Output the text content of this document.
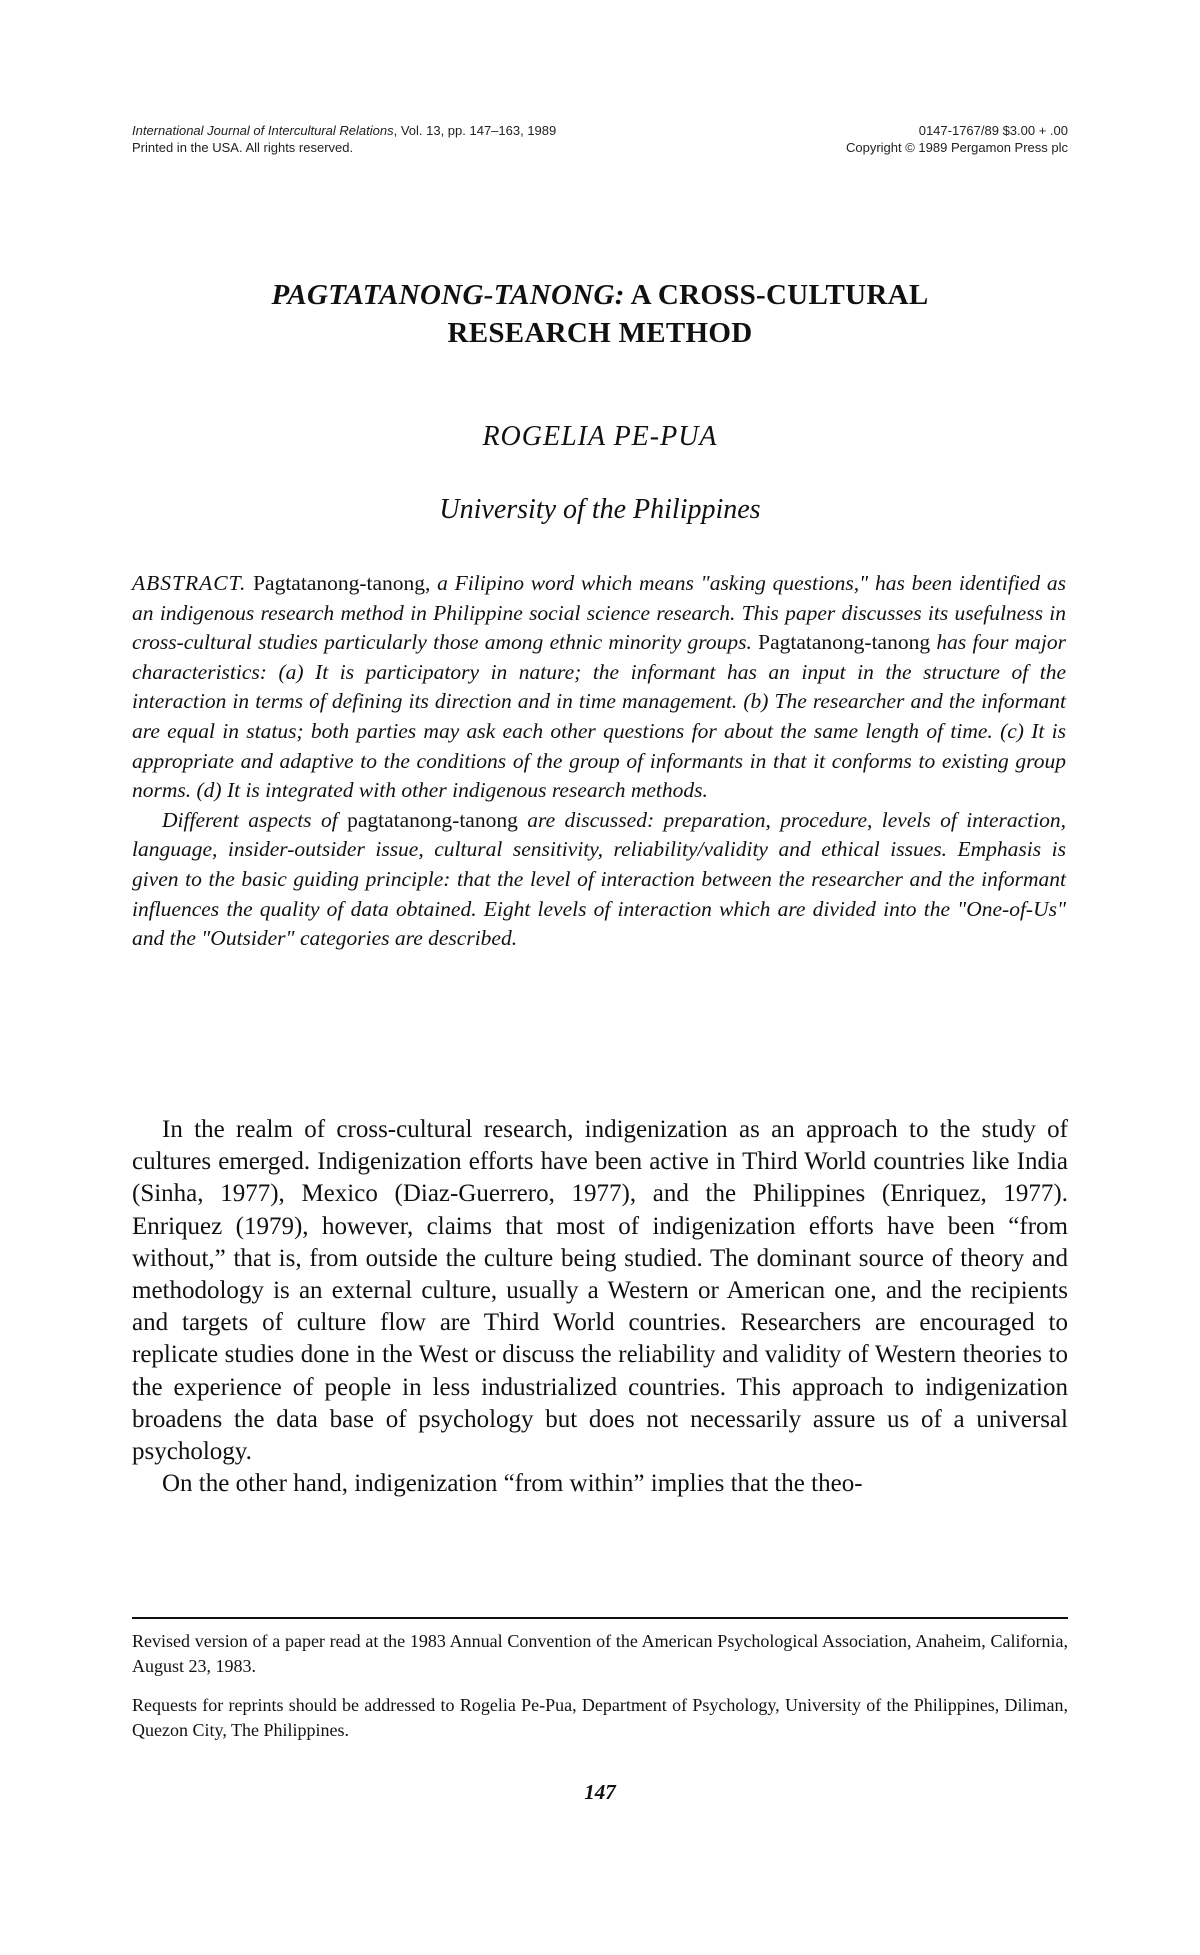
International Journal of Intercultural Relations, Vol. 13, pp. 147–163, 1989
Printed in the USA. All rights reserved.
0147-1767/89 $3.00 + .00
Copyright © 1989 Pergamon Press plc
PAGTATANONG-TANONG: A CROSS-CULTURAL
RESEARCH METHOD
ROGELIA PE-PUA
University of the Philippines

ABSTRACT. Pagtatanong-tanong, a Filipino word which means "asking questions," has been identified as an indigenous research method in Philippine social science research. This paper discusses its usefulness in cross-cultural studies particularly those among ethnic minority groups. Pagtatanong-tanong has four major characteristics: (a) It is participatory in nature; the informant has an input in the structure of the interaction in terms of defining its direction and in time management. (b) The researcher and the informant are equal in status; both parties may ask each other questions for about the same length of time. (c) It is appropriate and adaptive to the conditions of the group of informants in that it conforms to existing group norms. (d) It is integrated with other indigenous research methods.

Different aspects of pagtatanong-tanong are discussed: preparation, procedure, levels of interaction, language, insider-outsider issue, cultural sensitivity, reliability/validity and ethical issues. Emphasis is given to the basic guiding principle: that the level of interaction between the researcher and the informant influences the quality of data obtained. Eight levels of interaction which are divided into the "One-of-Us" and the "Outsider" categories are described.

In the realm of cross-cultural research, indigenization as an approach to the study of cultures emerged. Indigenization efforts have been active in Third World countries like India (Sinha, 1977), Mexico (Diaz-Guerrero, 1977), and the Philippines (Enriquez, 1977). Enriquez (1979), however, claims that most of indigenization efforts have been “from without,” that is, from outside the culture being studied. The dominant source of theory and methodology is an external culture, usually a Western or American one, and the recipients and targets of culture flow are Third World countries. Researchers are encouraged to replicate studies done in the West or discuss the reliability and validity of Western theories to the experience of people in less industrialized countries. This approach to indigenization broadens the data base of psychology but does not necessarily assure us of a universal psychology.

On the other hand, indigenization “from within” implies that the theo-

Revised version of a paper read at the 1983 Annual Convention of the American Psychological Association, Anaheim, California, August 23, 1983.

Requests for reprints should be addressed to Rogelia Pe-Pua, Department of Psychology, University of the Philippines, Diliman, Quezon City, The Philippines.

147
